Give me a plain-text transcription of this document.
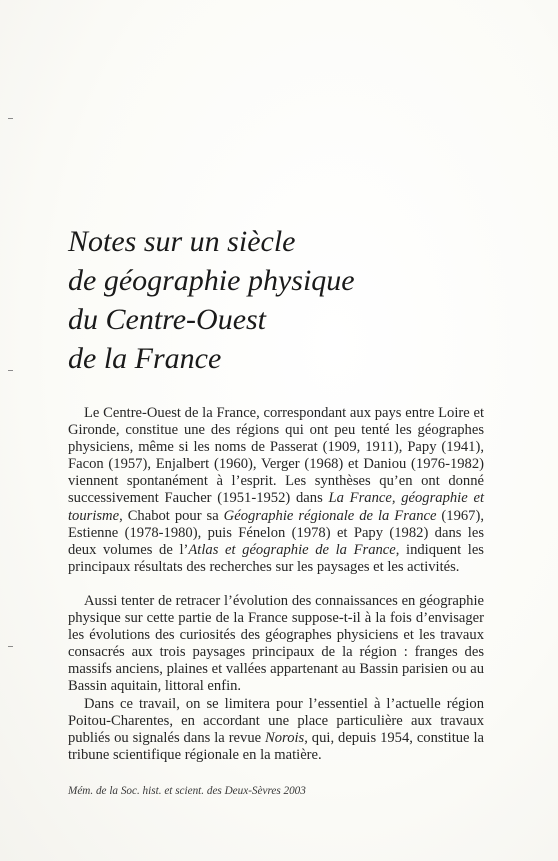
Notes sur un siècle
de géographie physique
du Centre-Ouest
de la France

Le Centre-Ouest de la France, correspondant aux pays entre Loire et Gironde, constitue une des régions qui ont peu tenté les géographes physiciens, même si les noms de Passerat (1909, 1911), Papy (1941), Facon (1957), Enjalbert (1960), Verger (1968) et Daniou (1976-1982) viennent spontanément à l’esprit. Les synthèses qu’en ont donné successivement Faucher (1951-1952) dans La France, géographie et tourisme, Chabot pour sa Géographie régionale de la France (1967), Estienne (1978-1980), puis Fénelon (1978) et Papy (1982) dans les deux volumes de l’Atlas et géographie de la France, indiquent les principaux résultats des recherches sur les paysages et les activités.

Aussi tenter de retracer l’évolution des connaissances en géographie physique sur cette partie de la France suppose-t-il à la fois d’envisager les évolutions des curiosités des géographes physiciens et les travaux consacrés aux trois paysages principaux de la région : franges des massifs anciens, plaines et vallées appartenant au Bassin parisien ou au Bassin aquitain, littoral enfin.

Dans ce travail, on se limitera pour l’essentiel à l’actuelle région Poitou-Charentes, en accordant une place particulière aux travaux publiés ou signalés dans la revue Norois, qui, depuis 1954, constitue la tribune scientifique régionale en la matière.

Mém. de la Soc. hist. et scient. des Deux-Sèvres 2003
